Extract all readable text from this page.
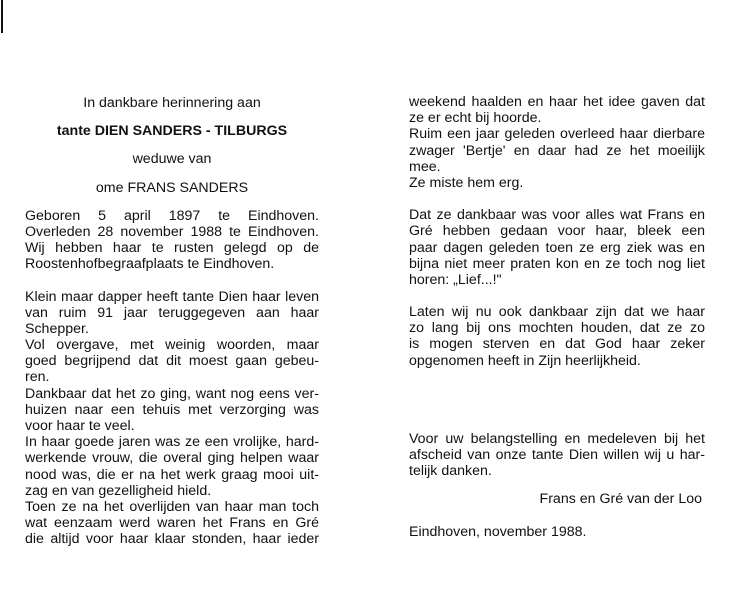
In dankbare herinnering aan
tante DIEN SANDERS - TILBURGS
weduwe van
ome FRANS SANDERS
Geboren 5 april 1897 te Eindhoven.
Overleden 28 november 1988 te Eindhoven.
Wij hebben haar te rusten gelegd op de
Roostenhofbegraafplaats te Eindhoven.
Klein maar dapper heeft tante Dien haar leven
van ruim 91 jaar teruggegeven aan haar
Schepper.
Vol overgave, met weinig woorden, maar
goed begrijpend dat dit moest gaan gebeu-
ren.
Dankbaar dat het zo ging, want nog eens ver-
huizen naar een tehuis met verzorging was
voor haar te veel.
In haar goede jaren was ze een vrolijke, hard-
werkende vrouw, die overal ging helpen waar
nood was, die er na het werk graag mooi uit-
zag en van gezelligheid hield.
Toen ze na het overlijden van haar man toch
wat eenzaam werd waren het Frans en Gré
die altijd voor haar klaar stonden, haar ieder
weekend haalden en haar het idee gaven dat
ze er echt bij hoorde.
Ruim een jaar geleden overleed haar dierbare
zwager 'Bertje' en daar had ze het moeilijk
mee.
Ze miste hem erg.
Dat ze dankbaar was voor alles wat Frans en
Gré hebben gedaan voor haar, bleek een
paar dagen geleden toen ze erg ziek was en
bijna niet meer praten kon en ze toch nog liet
horen: „Lief...!"
Laten wij nu ook dankbaar zijn dat we haar
zo lang bij ons mochten houden, dat ze zo
is mogen sterven en dat God haar zeker
opgenomen heeft in Zijn heerlijkheid.
Voor uw belangstelling en medeleven bij het
afscheid van onze tante Dien willen wij u har-
telijk danken.
Frans en Gré van der Loo
Eindhoven, november 1988.
